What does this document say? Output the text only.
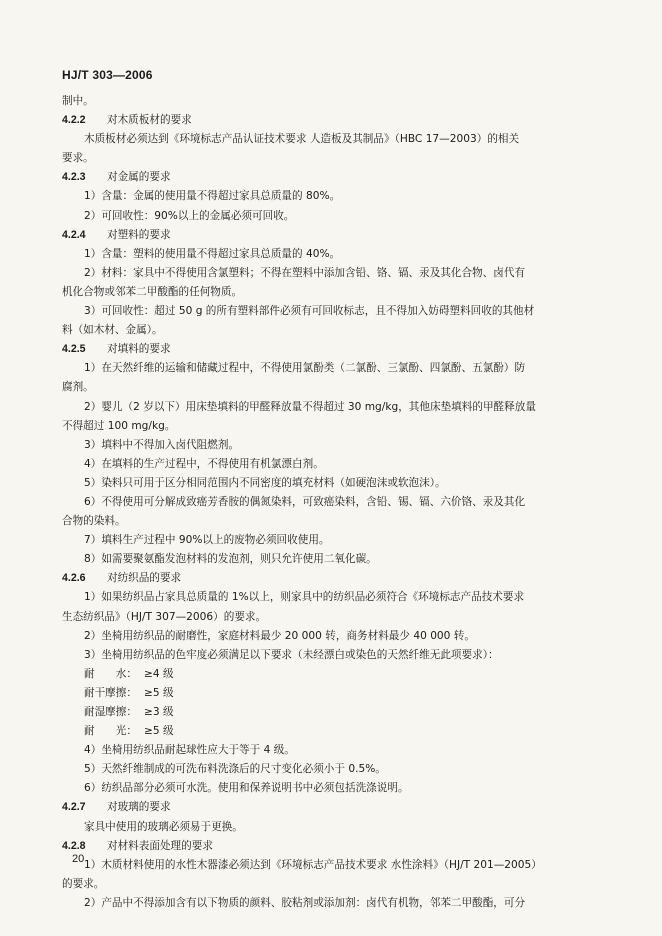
HJ/T 303—2006
制中。
4.2.2 对木质板材的要求
木质板材必须达到《环境标志产品认证技术要求 人造板及其制品》（HBC 17—2003）的相关
要求。
4.2.3 对金属的要求
1）含量：金属的使用量不得超过家具总质量的 80%。
2）可回收性：90%以上的金属必须可回收。
4.2.4 对塑料的要求
1）含量：塑料的使用量不得超过家具总质量的 40%。
2）材料：家具中不得使用含氯塑料；不得在塑料中添加含铅、铬、镉、汞及其化合物、卤代有
机化合物或邻苯二甲酸酯的任何物质。
3）可回收性：超过 50 g 的所有塑料部件必须有可回收标志，且不得加入妨碍塑料回收的其他材
料（如木材、金属）。
4.2.5 对填料的要求
1）在天然纤维的运输和储藏过程中，不得使用氯酚类（二氯酚、三氯酚、四氯酚、五氯酚）防
腐剂。
2）婴儿（2 岁以下）用床垫填料的甲醛释放量不得超过 30 mg/kg，其他床垫填料的甲醛释放量
不得超过 100 mg/kg。
3）填料中不得加入卤代阻燃剂。
4）在填料的生产过程中，不得使用有机氯漂白剂。
5）染料只可用于区分相同范围内不同密度的填充材料（如硬泡沫或软泡沫）。
6）不得使用可分解成致癌芳香胺的偶氮染料，可致癌染料，含铅、锡、镉、六价铬、汞及其化
合物的染料。
7）填料生产过程中 90%以上的废物必须回收使用。
8）如需要聚氨酯发泡材料的发泡剂，则只允许使用二氧化碳。
4.2.6 对纺织品的要求
1）如果纺织品占家具总质量的 1%以上，则家具中的纺织品必须符合《环境标志产品技术要求
生态纺织品》（HJ/T 307—2006）的要求。
2）坐椅用纺织品的耐磨性，家庭材料最少 20 000 转，商务材料最少 40 000 转。
3）坐椅用纺织品的色牢度必须满足以下要求（未经漂白或染色的天然纤维无此项要求）：
耐　　水： ≥4 级
耐干摩擦： ≥5 级
耐湿摩擦： ≥3 级
耐　　光： ≥5 级
4）坐椅用纺织品耐起球性应大于等于 4 级。
5）天然纤维制成的可洗布料洗涤后的尺寸变化必须小于 0.5%。
6）纺织品部分必须可水洗。使用和保养说明书中必须包括洗涤说明。
4.2.7 对玻璃的要求
家具中使用的玻璃必须易于更换。
4.2.8 对材料表面处理的要求
1）木质材料使用的水性木器漆必须达到《环境标志产品技术要求 水性涂料》（HJ/T 201—2005）
的要求。
2）产品中不得添加含有以下物质的颜料、胶粘剂或添加剂：卤代有机物，邻苯二甲酸酯，可分
20
